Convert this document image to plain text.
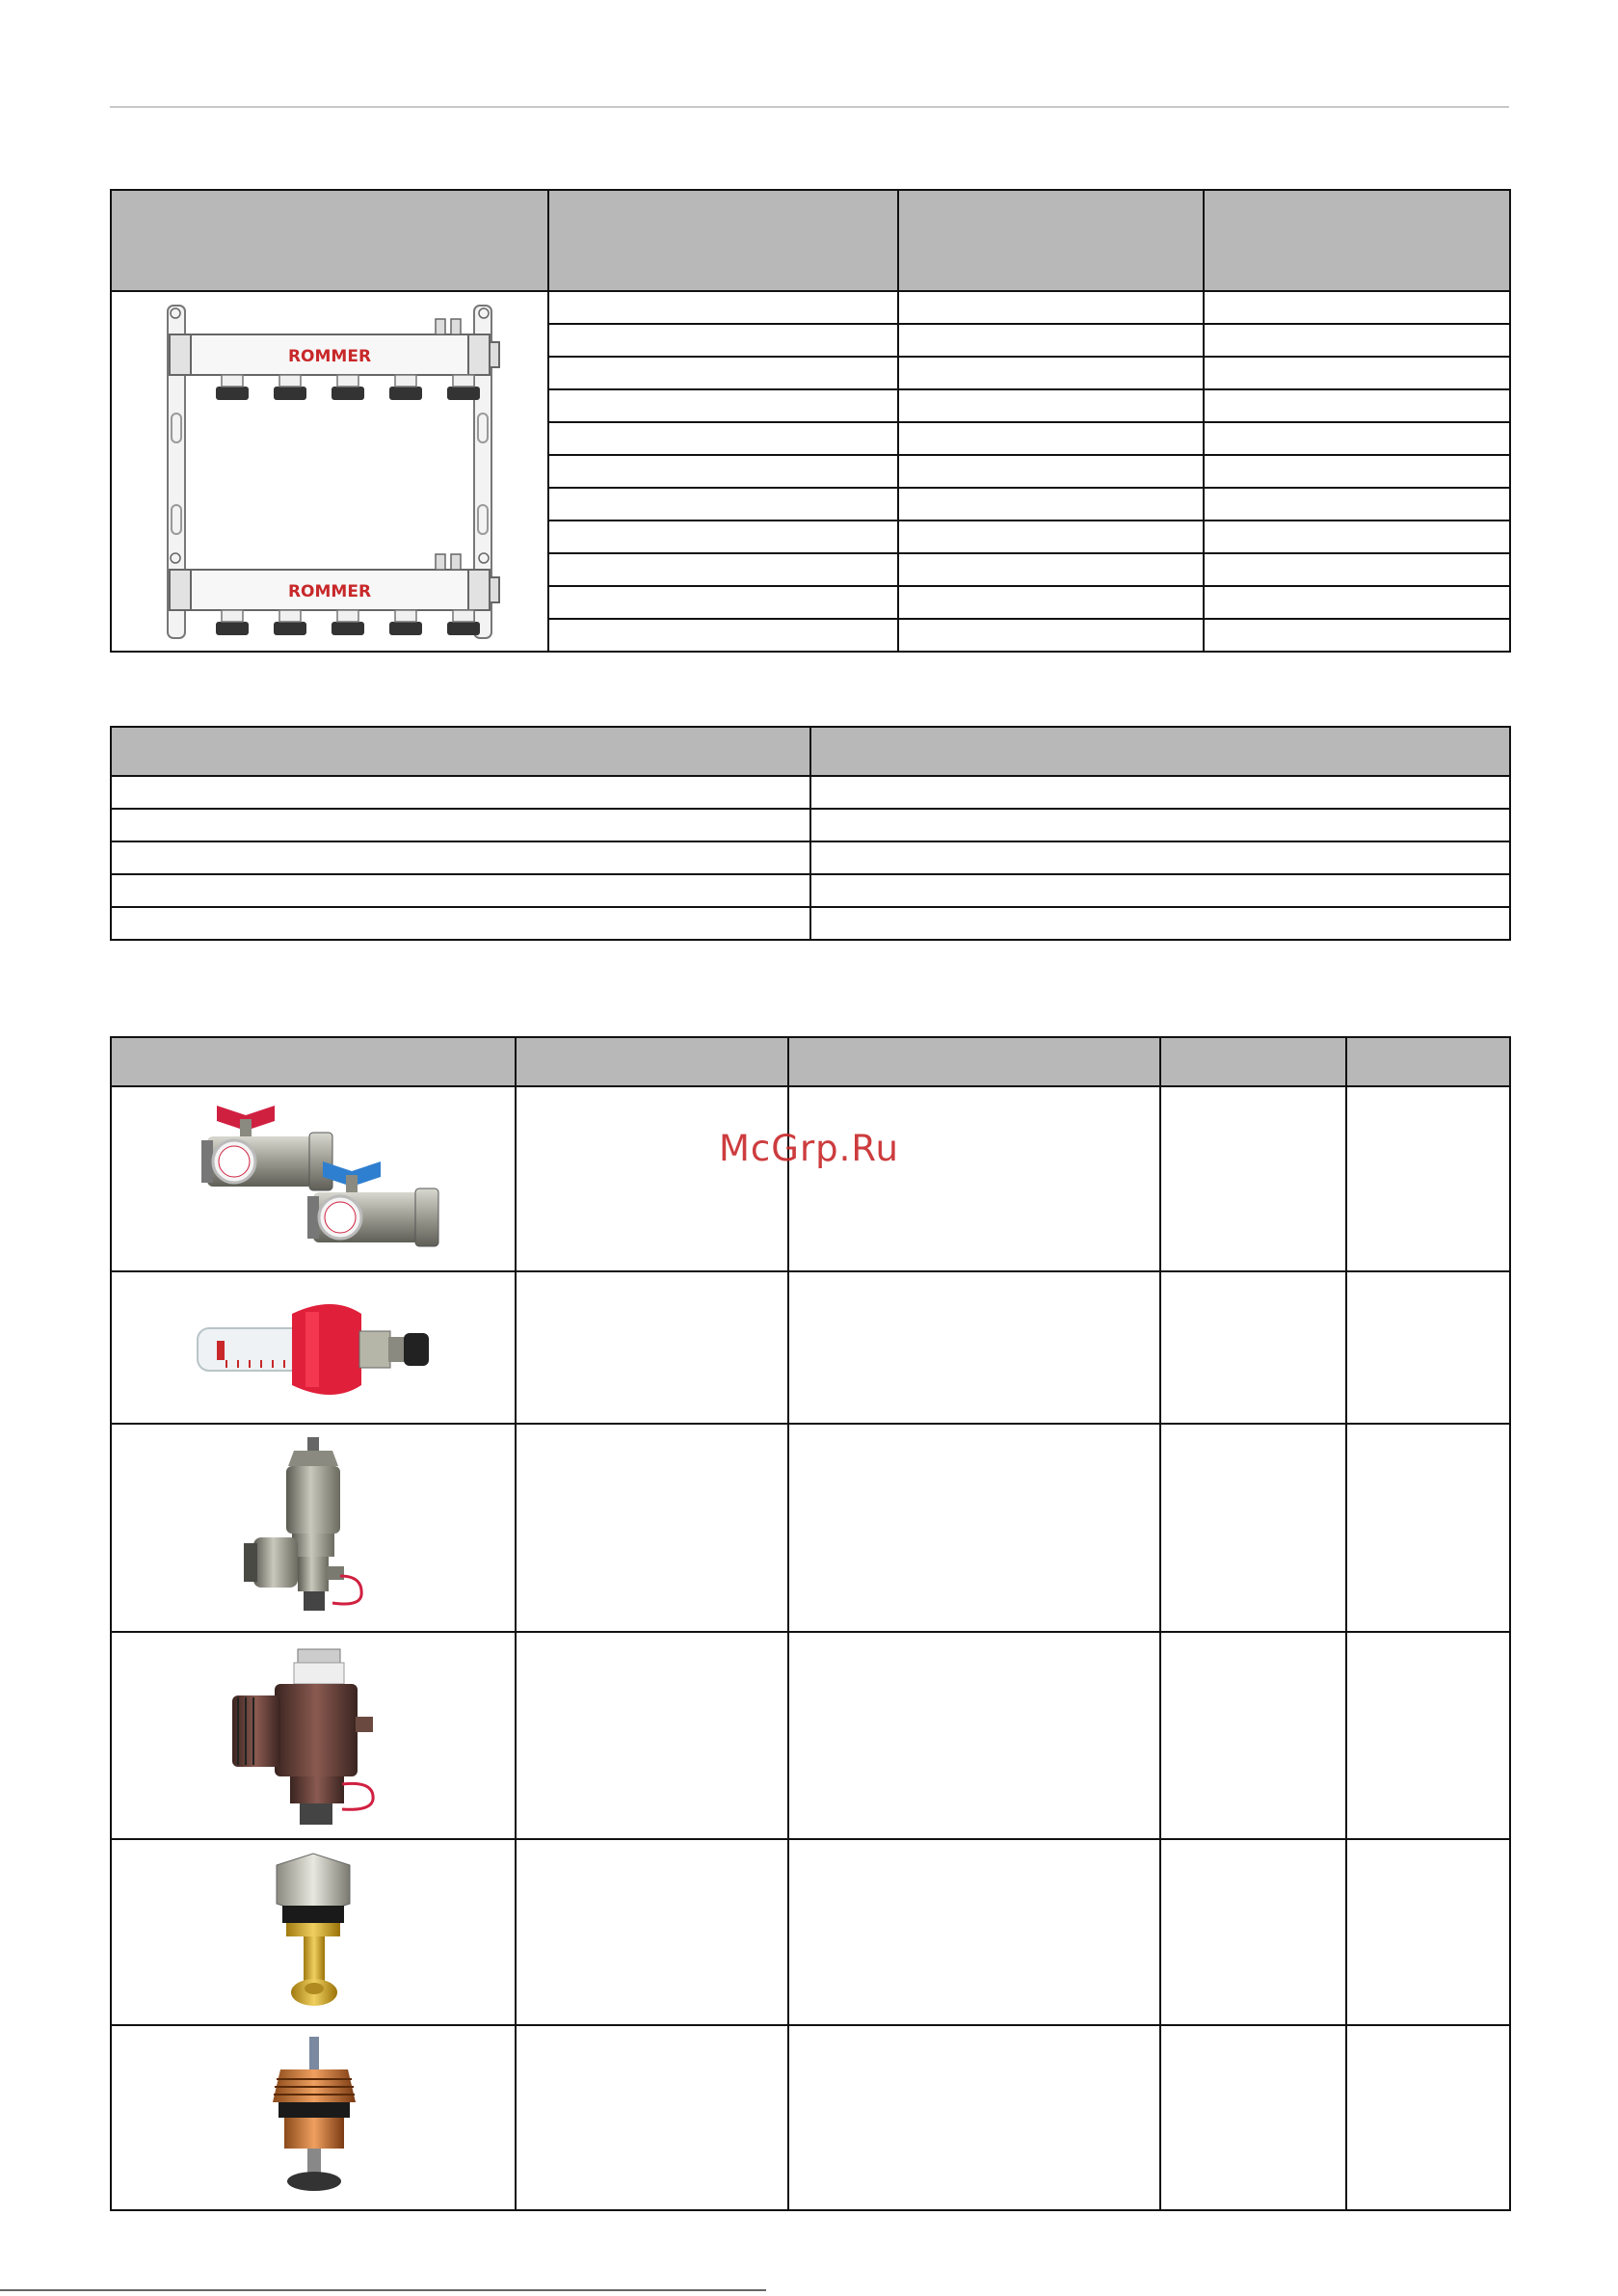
ROMMER
ROMMER			

McGrp.Ru
